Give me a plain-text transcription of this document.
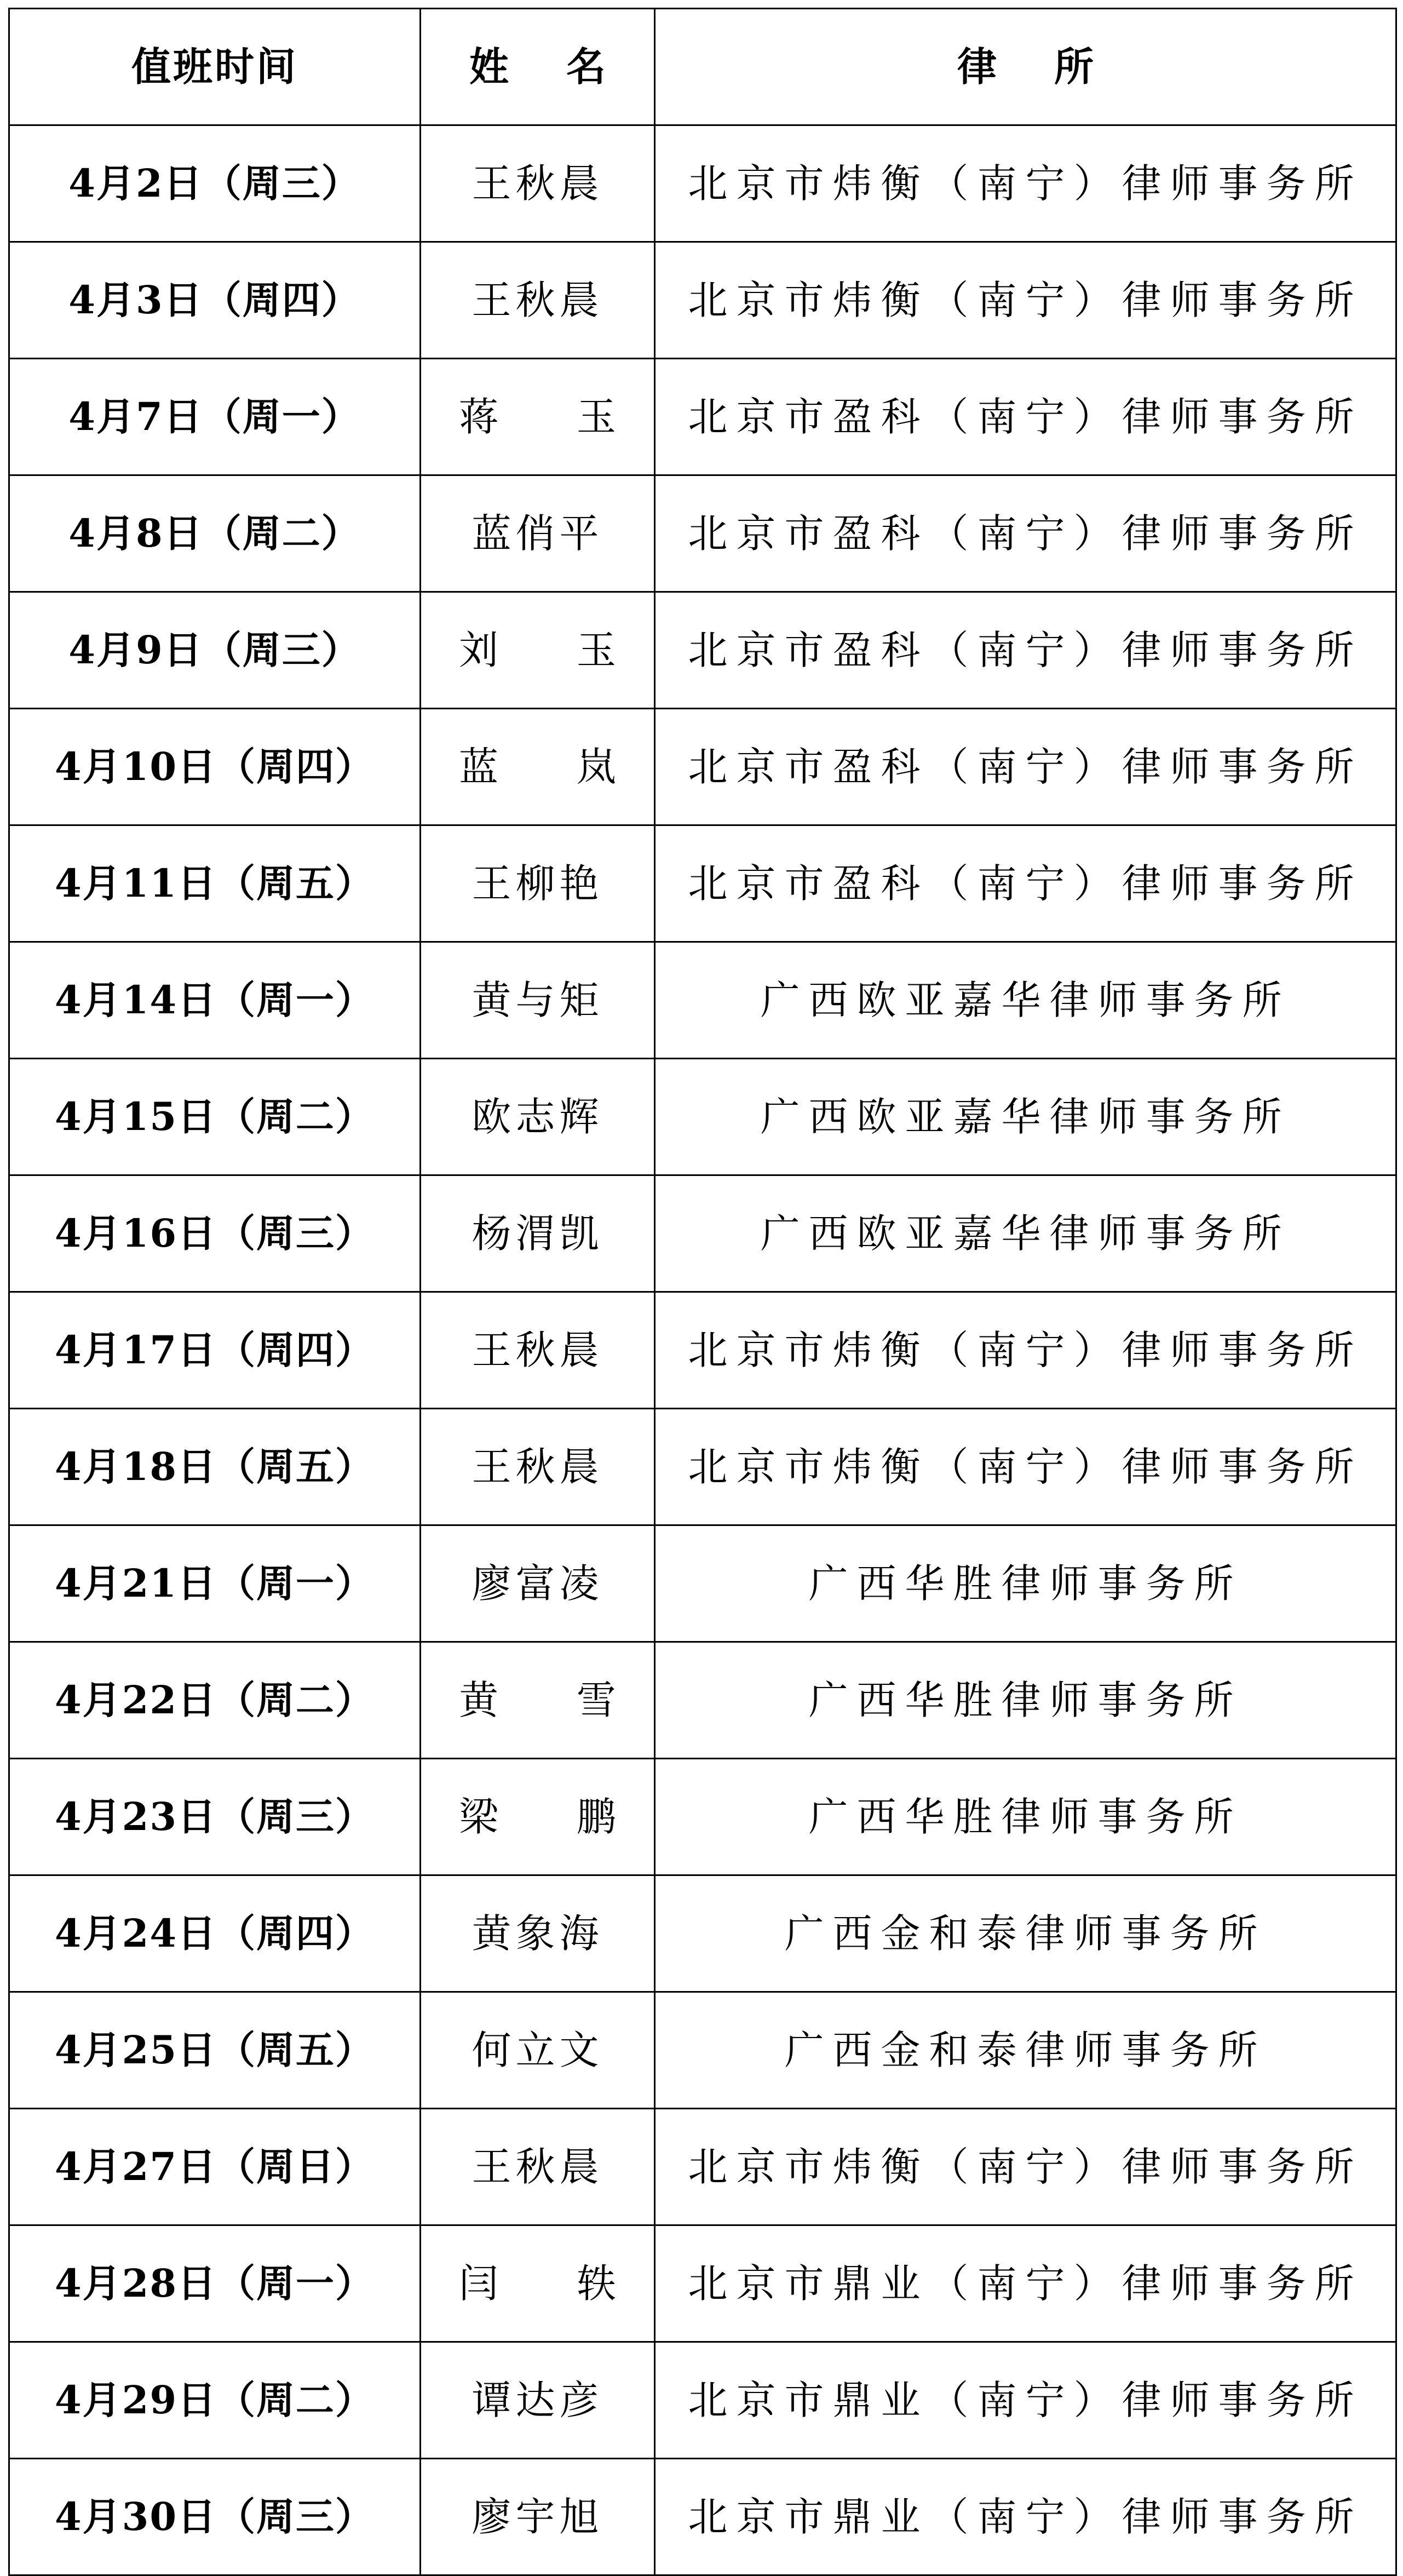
值班时间	姓 名	律 所
4月2日（周三）	王秋晨	北京市炜衡（南宁）律师事务所
4月3日（周四）	王秋晨	北京市炜衡（南宁）律师事务所
4月7日（周一）	蒋 玉	北京市盈科（南宁）律师事务所
4月8日（周二）	蓝俏平	北京市盈科（南宁）律师事务所
4月9日（周三）	刘 玉	北京市盈科（南宁）律师事务所
4月10日（周四）	蓝 岚	北京市盈科（南宁）律师事务所
4月11日（周五）	王柳艳	北京市盈科（南宁）律师事务所
4月14日（周一）	黄与矩	广西欧亚嘉华律师事务所
4月15日（周二）	欧志辉	广西欧亚嘉华律师事务所
4月16日（周三）	杨渭凯	广西欧亚嘉华律师事务所
4月17日（周四）	王秋晨	北京市炜衡（南宁）律师事务所
4月18日（周五）	王秋晨	北京市炜衡（南宁）律师事务所
4月21日（周一）	廖富凌	广西华胜律师事务所
4月22日（周二）	黄 雪	广西华胜律师事务所
4月23日（周三）	梁 鹏	广西华胜律师事务所
4月24日（周四）	黄象海	广西金和泰律师事务所
4月25日（周五）	何立文	广西金和泰律师事务所
4月27日（周日）	王秋晨	北京市炜衡（南宁）律师事务所
4月28日（周一）	闫 轶	北京市鼎业（南宁）律师事务所
4月29日（周二）	谭达彦	北京市鼎业（南宁）律师事务所
4月30日（周三）	廖宇旭	北京市鼎业（南宁）律师事务所
